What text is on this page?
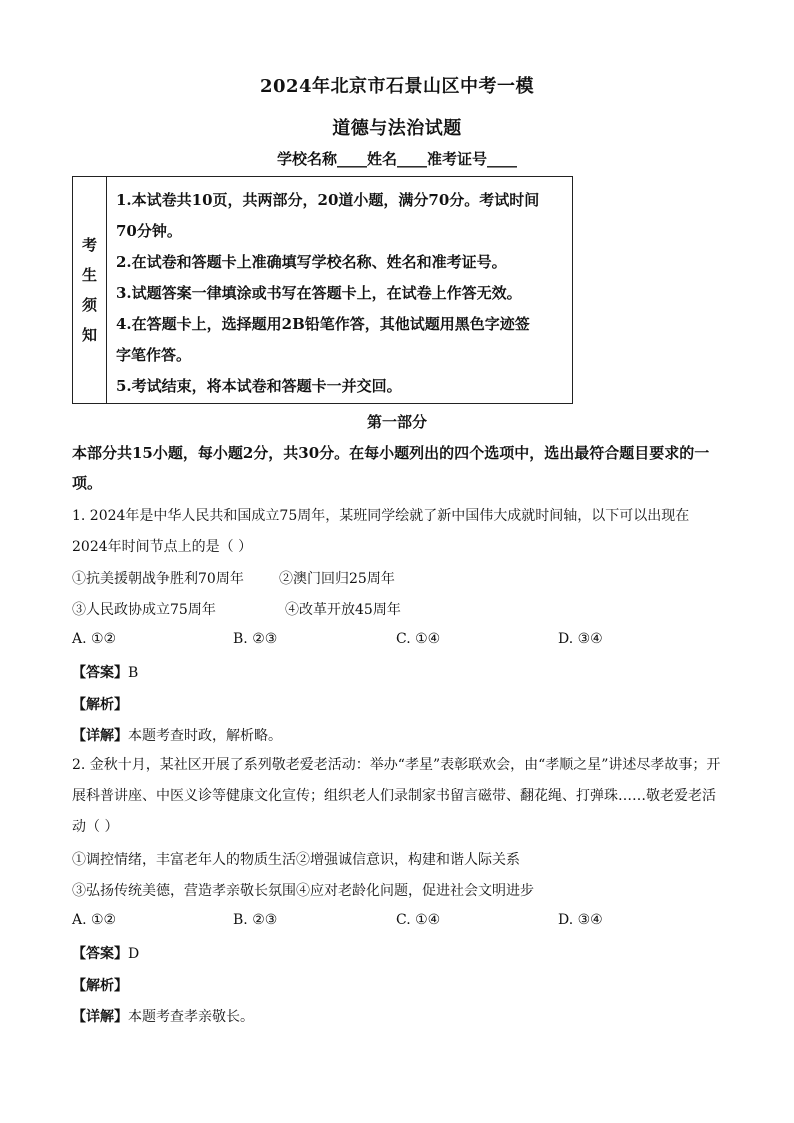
2024年北京市石景山区中考一模
道德与法治试题
学校名称____姓名____准考证号____
考
生
须
知
1.本试卷共10页，共两部分，20道小题，满分70分。考试时间
70分钟。
2.在试卷和答题卡上准确填写学校名称、姓名和准考证号。
3.试题答案一律填涂或书写在答题卡上，在试卷上作答无效。
4.在答题卡上，选择题用2B铅笔作答，其他试题用黑色字迹签
字笔作答。
5.考试结束，将本试卷和答题卡一并交回。
第一部分
本部分共15小题，每小题2分，共30分。在每小题列出的四个选项中，选出最符合题目要求的一项。
1. 2024年是中华人民共和国成立75周年，某班同学绘就了新中国伟大成就时间轴，以下可以出现在2024年时间节点上的是（ ）
①抗美援朝战争胜利70周年	②澳门回归25周年
③人民政协成立75周年	④改革开放45周年
A. ①②	B. ②③	C. ①④	D. ③④
【答案】B
【解析】
【详解】本题考查时政，解析略。
2. 金秋十月，某社区开展了系列敬老爱老活动：举办“孝星”表彰联欢会，由“孝顺之星”讲述尽孝故事；开展科普讲座、中医义诊等健康文化宣传；组织老人们录制家书留言磁带、翻花绳、打弹珠……敬老爱老活动（ ）
①调控情绪，丰富老年人的物质生活②增强诚信意识，构建和谐人际关系
③弘扬传统美德，营造孝亲敬长氛围④应对老龄化问题，促进社会文明进步
A. ①②	B. ②③	C. ①④	D. ③④
【答案】D
【解析】
【详解】本题考查孝亲敬长。
